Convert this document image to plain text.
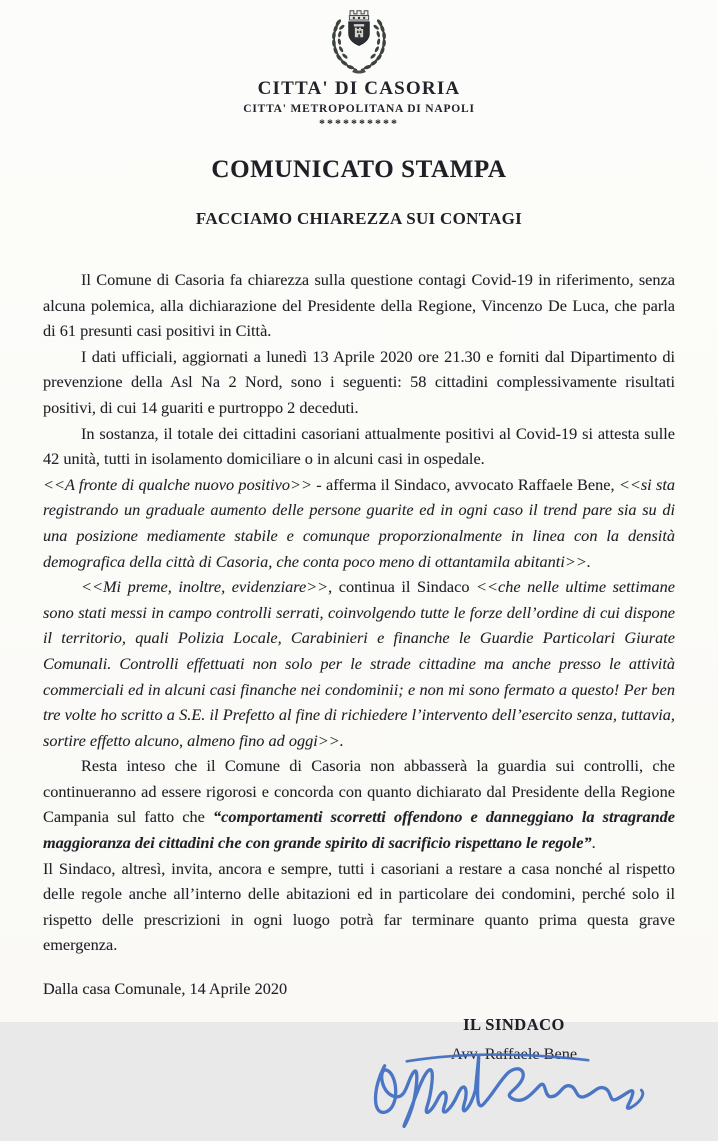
CITTA' DI CASORIA
CITTA' METROPOLITANA DI NAPOLI
**********
COMUNICATO STAMPA
FACCIAMO CHIAREZZA SUI CONTAGI

Il Comune di Casoria fa chiarezza sulla questione contagi Covid-19 in riferimento, senza alcuna polemica, alla dichiarazione del Presidente della Regione, Vincenzo De Luca, che parla di 61 presunti casi positivi in Città.

I dati ufficiali, aggiornati a lunedì 13 Aprile 2020 ore 21.30 e forniti dal Dipartimento di prevenzione della Asl Na 2 Nord, sono i seguenti: 58 cittadini complessivamente risultati positivi, di cui 14 guariti e purtroppo 2 deceduti.

In sostanza, il totale dei cittadini casoriani attualmente positivi al Covid-19 si attesta sulle 42 unità, tutti in isolamento domiciliare o in alcuni casi in ospedale.

<<A fronte di qualche nuovo positivo>> - afferma il Sindaco, avvocato Raffaele Bene, <<si sta registrando un graduale aumento delle persone guarite ed in ogni caso il trend pare sia su di una posizione mediamente stabile e comunque proporzionalmente in linea con la densità demografica della città di Casoria, che conta poco meno di ottantamila abitanti>>.

<<Mi preme, inoltre, evidenziare>>, continua il Sindaco <<che nelle ultime settimane sono stati messi in campo controlli serrati, coinvolgendo tutte le forze dell’ordine di cui dispone il territorio, quali Polizia Locale, Carabinieri e finanche le Guardie Particolari Giurate Comunali. Controlli effettuati non solo per le strade cittadine ma anche presso le attività commerciali ed in alcuni casi finanche nei condominii; e non mi sono fermato a questo! Per ben tre volte ho scritto a S.E. il Prefetto al fine di richiedere l’intervento dell’esercito senza, tuttavia, sortire effetto alcuno, almeno fino ad oggi>>.

Resta inteso che il Comune di Casoria non abbasserà la guardia sui controlli, che continueranno ad essere rigorosi e concorda con quanto dichiarato dal Presidente della Regione Campania sul fatto che “comportamenti scorretti offendono e danneggiano la stragrande maggioranza dei cittadini che con grande spirito di sacrificio rispettano le regole”.

Il Sindaco, altresì, invita, ancora e sempre, tutti i casoriani a restare a casa nonché al rispetto delle regole anche all’interno delle abitazioni ed in particolare dei condomini, perché solo il rispetto delle prescrizioni in ogni luogo potrà far terminare quanto prima questa grave emergenza.

Dalla casa Comunale, 14 Aprile 2020
IL SINDACO
Avv. Raffaele Bene
